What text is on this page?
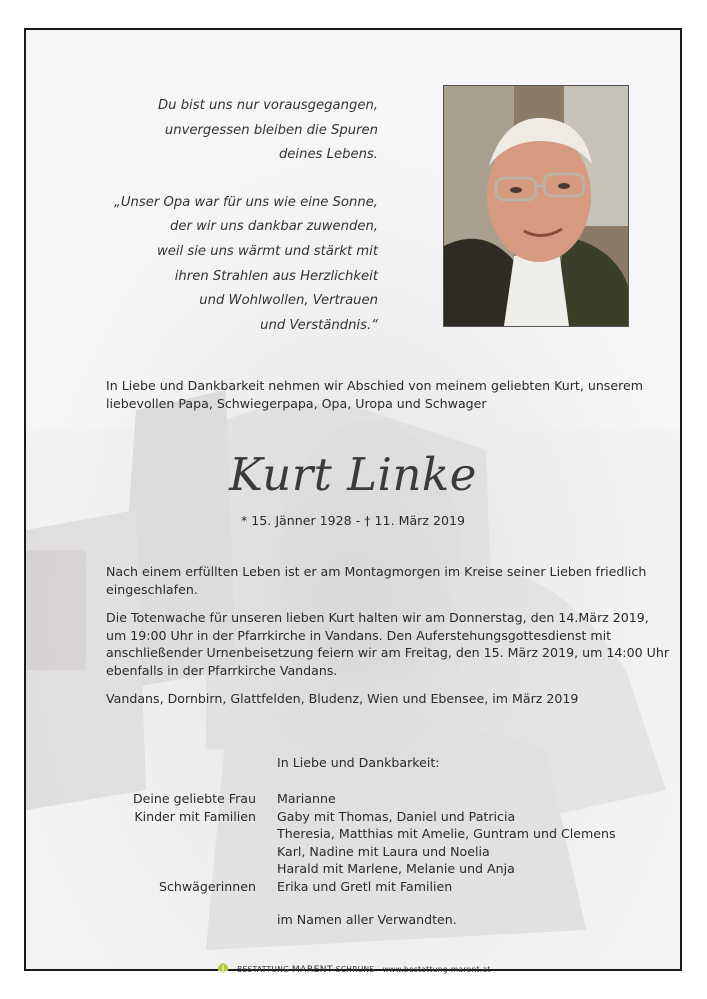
Du bist uns nur vorausgegangen,

unvergessen bleiben die Spuren

deines Lebens.

„Unser Opa war für uns wie eine Sonne,

der wir uns dankbar zuwenden,

weil sie uns wärmt und stärkt mit

ihren Strahlen aus Herzlichkeit

und Wohlwollen, Vertrauen

und Verständnis.“

In Liebe und Dankbarkeit nehmen wir Abschied von meinem geliebten Kurt, unserem

liebevollen Papa, Schwiegerpapa, Opa, Uropa und Schwager

Kurt Linke
* 15. Jänner 1928 - † 11. März 2019

Nach einem erfüllten Leben ist er am Montagmorgen im Kreise seiner Lieben friedlich
eingeschlafen.

Die Totenwache für unseren lieben Kurt halten wir am Donnerstag, den 14.März 2019,
um 19:00 Uhr in der Pfarrkirche in Vandans. Den Auferstehungsgottesdienst mit
anschließender Urnenbeisetzung feiern wir am Freitag, den 15. März 2019, um 14:00 Uhr
ebenfalls in der Pfarrkirche Vandans.

Vandans, Dornbirn, Glattfelden, Bludenz, Wien und Ebensee, im März 2019

In Liebe und Dankbarkeit:
Deine geliebte Frau Marianne
Kinder mit Familien Gaby mit Thomas, Daniel und Patricia
Theresia, Matthias mit Amelie, Guntram und Clemens
Karl, Nadine mit Laura und Noelia
Harald mit Marlene, Melanie und Anja
Schwägerinnen Erika und Gretl mit Familien
im Namen aller Verwandten.
BESTATTUNG MARENT SCHRUNS www.bestattung-marent.at
